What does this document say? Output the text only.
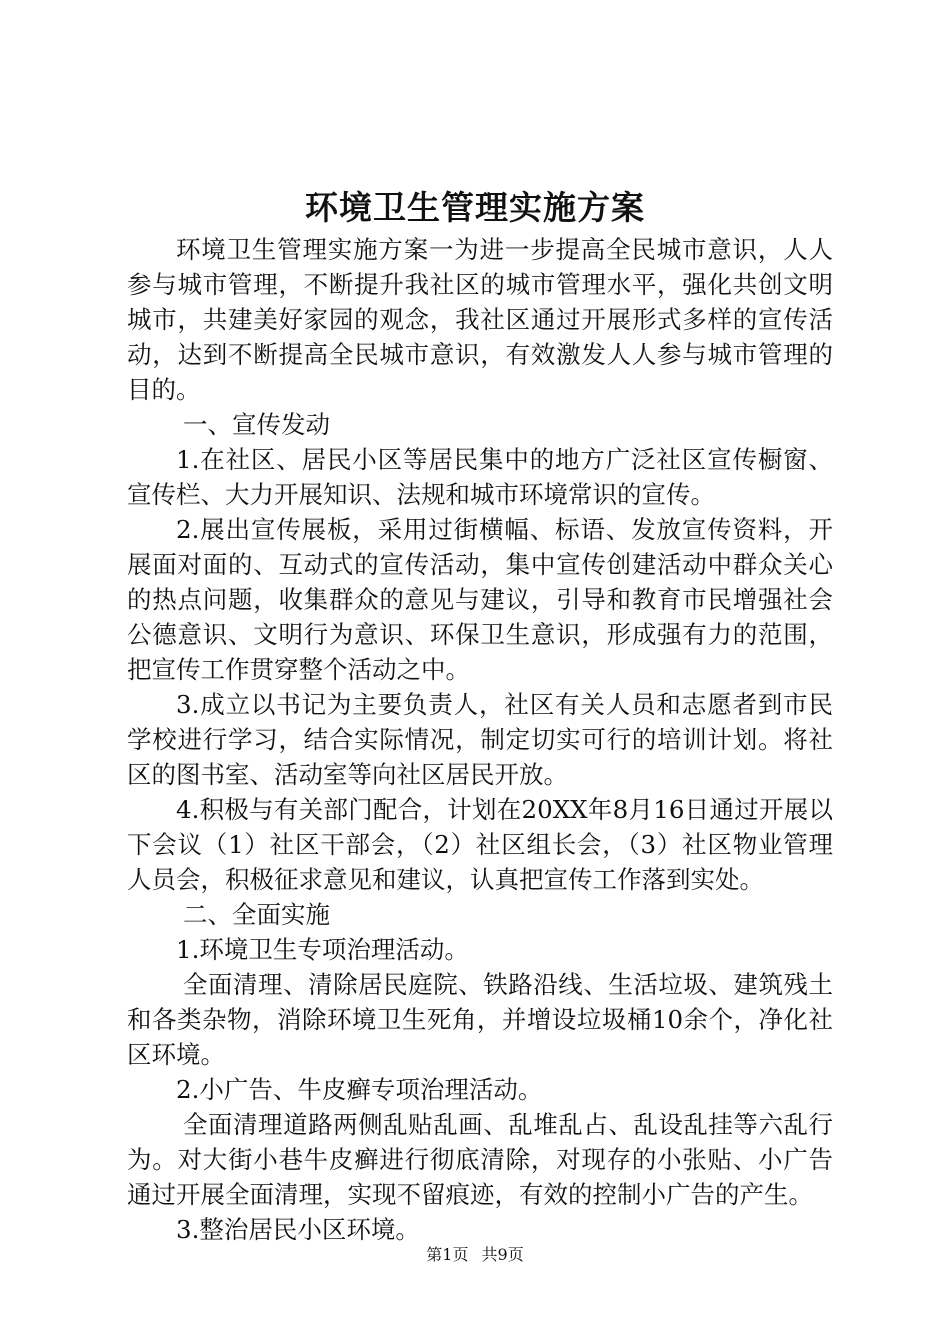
环境卫生管理实施方案

环境卫生管理实施方案一为进一步提高全民城市意识，人人参与城市管理，不断提升我社区的城市管理水平，强化共创文明城市，共建美好家园的观念，我社区通过开展形式多样的宣传活动，达到不断提高全民城市意识，有效激发人人参与城市管理的目的。

一、宣传发动

1.在社区、居民小区等居民集中的地方广泛社区宣传橱窗、宣传栏、大力开展知识、法规和城市环境常识的宣传。

2.展出宣传展板，采用过街横幅、标语、发放宣传资料，开展面对面的、互动式的宣传活动，集中宣传创建活动中群众关心的热点问题，收集群众的意见与建议，引导和教育市民增强社会公德意识、文明行为意识、环保卫生意识，形成强有力的范围，把宣传工作贯穿整个活动之中。

3.成立以书记为主要负责人，社区有关人员和志愿者到市民学校进行学习，结合实际情况，制定切实可行的培训计划。将社区的图书室、活动室等向社区居民开放。

4.积极与有关部门配合，计划在20XX年8月16日通过开展以下会议（1）社区干部会，（2）社区组长会，（3）社区物业管理人员会，积极征求意见和建议，认真把宣传工作落到实处。

二、全面实施

1.环境卫生专项治理活动。

全面清理、清除居民庭院、铁路沿线、生活垃圾、建筑残土和各类杂物，消除环境卫生死角，并增设垃圾桶10余个，净化社区环境。

2.小广告、牛皮癣专项治理活动。

全面清理道路两侧乱贴乱画、乱堆乱占、乱设乱挂等六乱行为。对大街小巷牛皮癣进行彻底清除，对现存的小张贴、小广告通过开展全面清理，实现不留痕迹，有效的控制小广告的产生。

3.整治居民小区环境。

第1页 共9页
